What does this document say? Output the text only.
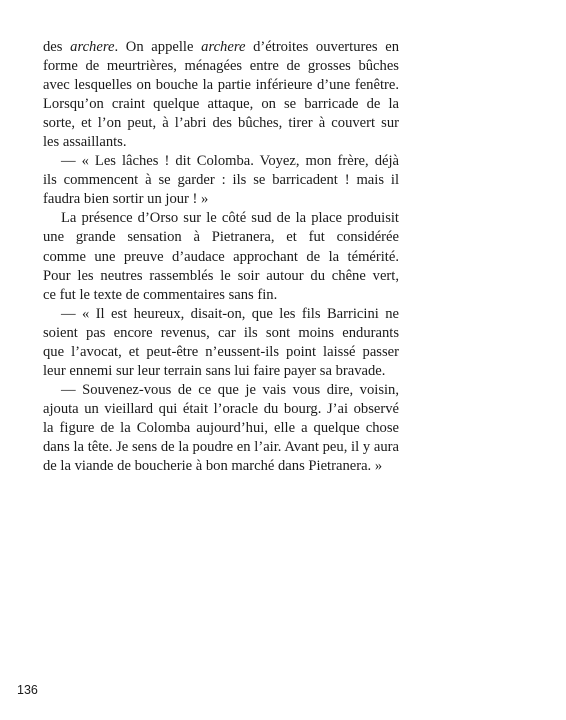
des archere. On appelle archere d’étroites ouvertures en
forme de meurtrières, ménagées entre de grosses bûches
avec lesquelles on bouche la partie inférieure d’une fenêtre.
Lorsqu’on craint quelque attaque, on se barricade de la
sorte, et l’on peut, à l’abri des bûches, tirer à couvert sur
les assaillants.
— « Les lâches ! dit Colomba. Voyez, mon frère, déjà
ils commencent à se garder : ils se barricadent ! mais il
faudra bien sortir un jour ! »
La présence d’Orso sur le côté sud de la place produisit
une grande sensation à Pietranera, et fut considérée
comme une preuve d’audace approchant de la témérité.
Pour les neutres rassemblés le soir autour du chêne vert,
ce fut le texte de commentaires sans fin.
— « Il est heureux, disait-on, que les fils Barricini ne
soient pas encore revenus, car ils sont moins endurants
que l’avocat, et peut-être n’eussent-ils point laissé passer
leur ennemi sur leur terrain sans lui faire payer sa bravade.
— Souvenez-vous de ce que je vais vous dire, voisin,
ajouta un vieillard qui était l’oracle du bourg. J’ai observé
la figure de la Colomba aujourd’hui, elle a quelque chose
dans la tête. Je sens de la poudre en l’air. Avant peu, il y aura
de la viande de boucherie à bon marché dans Pietranera. »
136
